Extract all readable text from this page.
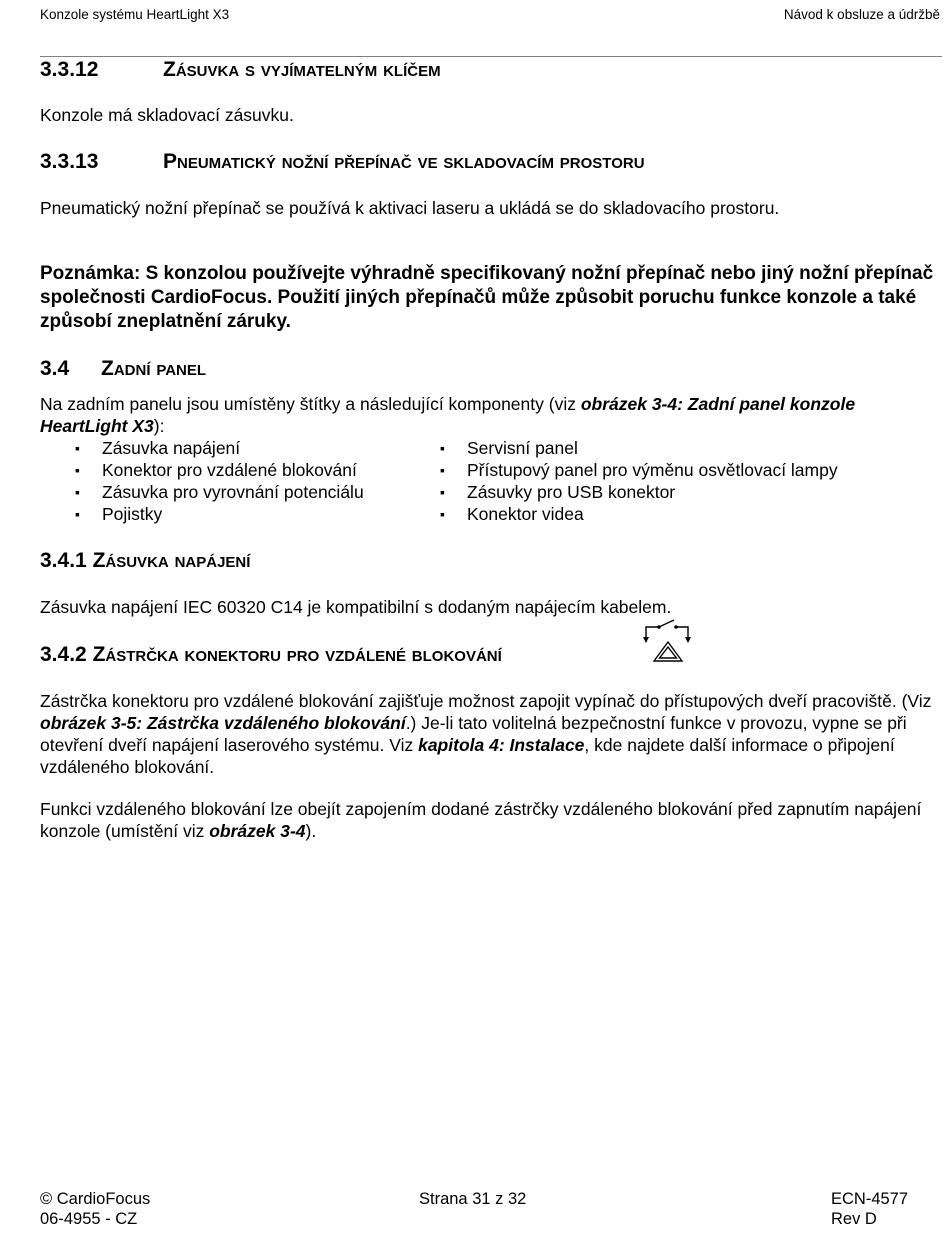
Konzole systému HeartLight X3	Návod k obsluze a údržbě
3.3.12	Zásuvka s vyjímatelným klíčem
Konzole má skladovací zásuvku.
3.3.13	Pneumatický nožní přepínač ve skladovacím prostoru
Pneumatický nožní přepínač se používá k aktivaci laseru a ukládá se do skladovacího prostoru.
Poznámka: S konzolou používejte výhradně specifikovaný nožní přepínač nebo jiný nožní přepínač společnosti CardioFocus. Použití jiných přepínačů může způsobit poruchu funkce konzole a také způsobí zneplatnění záruky.
3.4 Zadní panel
Na zadním panelu jsou umístěny štítky a následující komponenty (viz obrázek 3-4: Zadní panel konzole HeartLight X3):
▪ Zásuvka napájení
▪ Konektor pro vzdálené blokování
▪ Zásuvka pro vyrovnání potenciálu
▪ Pojistky
▪ Servisní panel
▪ Přístupový panel pro výměnu osvětlovací lampy
▪ Zásuvky pro USB konektor
▪ Konektor videa
3.4.1 Zásuvka napájení
Zásuvka napájení IEC 60320 C14 je kompatibilní s dodaným napájecím kabelem.
3.4.2 Zástrčka konektoru pro vzdálené blokování
Zástrčka konektoru pro vzdálené blokování zajišťuje možnost zapojit vypínač do přístupových dveří pracoviště. (Viz obrázek 3-5: Zástrčka vzdáleného blokování.) Je-li tato volitelná bezpečnostní funkce v provozu, vypne se při otevření dveří napájení laserového systému. Viz kapitola 4: Instalace, kde najdete další informace o připojení vzdáleného blokování.
Funkci vzdáleného blokování lze obejít zapojením dodané zástrčky vzdáleného blokování před zapnutím napájení konzole (umístění viz obrázek 3-4).
© CardioFocus
06-4955 - CZ
Strana 31 z 32	ECN-4577
Rev D
